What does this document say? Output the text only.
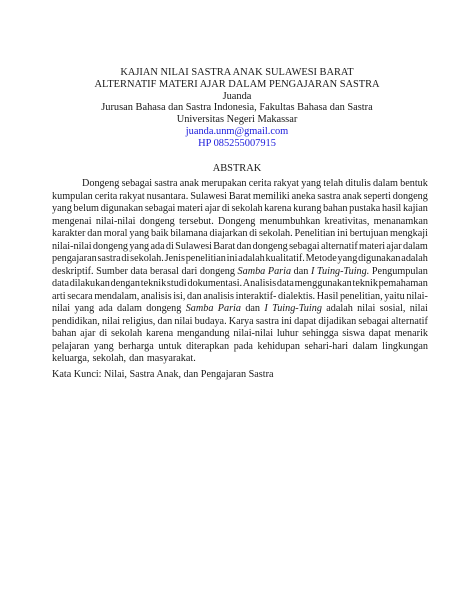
KAJIAN NILAI SASTRA ANAK SULAWESI BARAT
ALTERNATIF MATERI AJAR DALAM PENGAJARAN SASTRA
Juanda
Jurusan Bahasa dan Sastra Indonesia, Fakultas Bahasa dan Sastra
Universitas Negeri Makassar
juanda.unm@gmail.com
HP 085255007915
ABSTRAK
Dongeng sebagai sastra anak merupakan cerita rakyat yang telah ditulis dalam bentuk
kumpulan cerita rakyat nusantara. Sulawesi Barat memiliki aneka sastra anak seperti dongeng
yang belum digunakan sebagai materi ajar di sekolah karena kurang bahan pustaka hasil kajian
mengenai nilai-nilai dongeng tersebut. Dongeng menumbuhkan kreativitas, menanamkan
karakter dan moral yang baik bilamana diajarkan di sekolah. Penelitian ini bertujuan mengkaji
nilai-nilai dongeng yang ada di Sulawesi Barat dan dongeng sebagai alternatif materi ajar dalam
pengajaran sastra di sekolah. Jenis penelitian ini adalah kualitatif. Metode yang digunakan adalah
deskriptif. Sumber data berasal dari dongeng Samba Paria dan I Tuing-Tuing. Pengumpulan
data dilakukan dengan teknik studi dokumentasi. Analisis data menggunakan teknik pemahaman
arti secara mendalam, analisis isi, dan analisis interaktif- dialektis. Hasil penelitian, yaitu nilai-
nilai yang ada dalam dongeng Samba Paria dan I Tuing-Tuing adalah nilai sosial, nilai
pendidikan, nilai religius, dan nilai budaya. Karya sastra ini dapat dijadikan sebagai alternatif
bahan ajar di sekolah karena mengandung nilai-nilai luhur sehingga siswa dapat menarik
pelajaran yang berharga untuk diterapkan pada kehidupan sehari-hari dalam lingkungan
keluarga, sekolah, dan masyarakat.
Kata Kunci: Nilai, Sastra Anak, dan Pengajaran Sastra
